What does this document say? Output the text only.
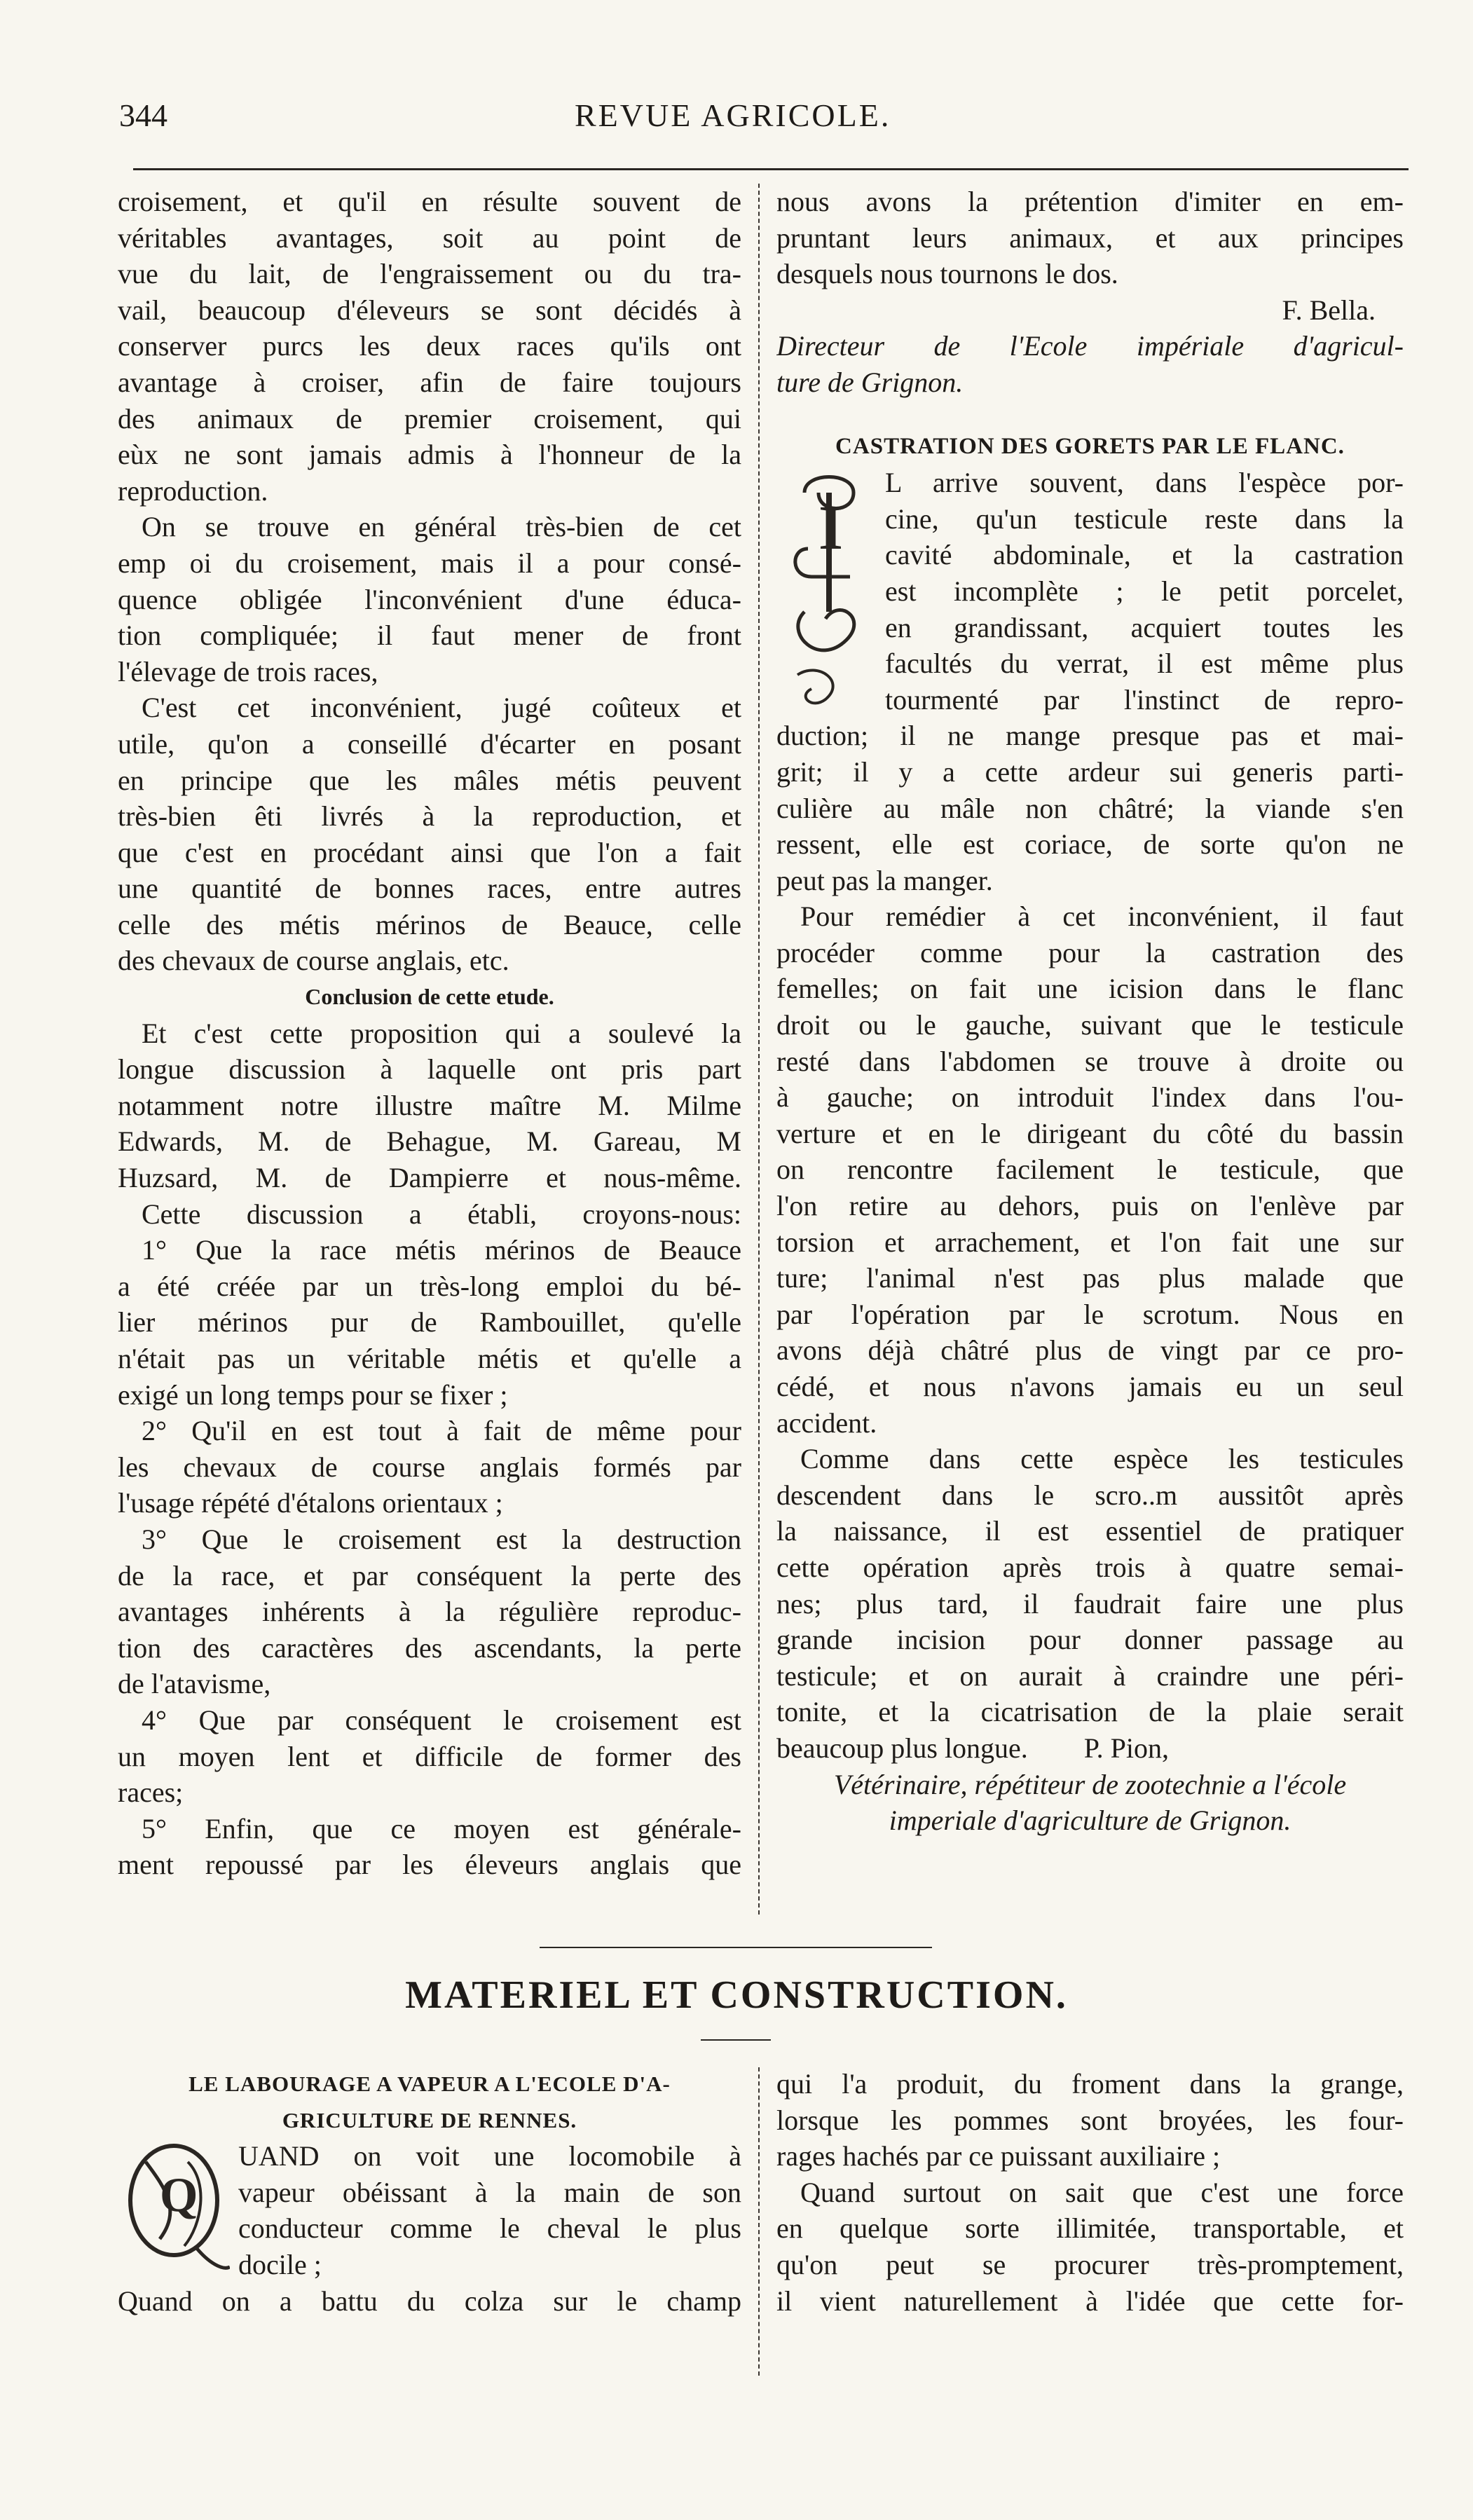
344	REVUE AGRICOLE.

croisement, et qu'il en résulte souvent de

véritables avantages, soit au point de

vue du lait, de l'engraissement ou du tra-

vail, beaucoup d'éleveurs se sont décidés à

conserver purcs les deux races qu'ils ont

avantage à croiser, afin de faire toujours

des animaux de premier croisement, qui

eùx ne sont jamais admis à l'honneur de la

reproduction.

On se trouve en général très-bien de cet

emp oi du croisement, mais il a pour consé-

quence obligée l'inconvénient d'une éduca-

tion compliquée; il faut mener de front

l'élevage de trois races,

C'est cet inconvénient, jugé coûteux et

utile, qu'on a conseillé d'écarter en posant

en principe que les mâles métis peuvent

très-bien êti livrés à la reproduction, et

que c'est en procédant ainsi que l'on a fait

une quantité de bonnes races, entre autres

celle des métis mérinos de Beauce, celle

des chevaux de course anglais, etc.

Conclusion de cette etude.

Et c'est cette proposition qui a soulevé la

longue discussion à laquelle ont pris part

notamment notre illustre maître M. Milme

Edwards, M. de Behague, M. Gareau, M

Huzsard, M. de Dampierre et nous-même.

Cette discussion a établi, croyons-nous:

1° Que la race métis mérinos de Beauce

a été créée par un très-long emploi du bé-

lier mérinos pur de Rambouillet, qu'elle

n'était pas un véritable métis et qu'elle a

exigé un long temps pour se fixer ;

2° Qu'il en est tout à fait de même pour

les chevaux de course anglais formés par

l'usage répété d'étalons orientaux ;

3° Que le croisement est la destruction

de la race, et par conséquent la perte des

avantages inhérents à la régulière reproduc-

tion des caractères des ascendants, la perte

de l'atavisme,

4° Que par conséquent le croisement est

un moyen lent et difficile de former des

races;

5° Enfin, que ce moyen est générale-

ment repoussé par les éleveurs anglais que

nous avons la prétention d'imiter en em-

pruntant leurs animaux, et aux principes

desquels nous tournons le dos.

F. Bella.

Directeur de l'Ecole impériale d'agricul-

ture de Grignon.

CASTRATION DES GORETS PAR LE FLANC.

I

L arrive souvent, dans l'espèce por-

cine, qu'un testicule reste dans la

cavité abdominale, et la castration

est incomplète ; le petit porcelet,

en grandissant, acquiert toutes les

facultés du verrat, il est même plus

tourmenté par l'instinct de repro-

duction; il ne mange presque pas et mai-

grit; il y a cette ardeur sui generis parti-

culière au mâle non châtré; la viande s'en

ressent, elle est coriace, de sorte qu'on ne

peut pas la manger.

Pour remédier à cet inconvénient, il faut

procéder comme pour la castration des

femelles; on fait une icision dans le flanc

droit ou le gauche, suivant que le testicule

resté dans l'abdomen se trouve à droite ou

à gauche; on introduit l'index dans l'ou-

verture et en le dirigeant du côté du bassin

on rencontre facilement le testicule, que

l'on retire au dehors, puis on l'enlève par

torsion et arrachement, et l'on fait une sur

ture; l'animal n'est pas plus malade que

par l'opération par le scrotum. Nous en

avons déjà châtré plus de vingt par ce pro-

cédé, et nous n'avons jamais eu un seul

accident.

Comme dans cette espèce les testicules

descendent dans le scro..m aussitôt après

la naissance, il est essentiel de pratiquer

cette opération après trois à quatre semai-

nes; plus tard, il faudrait faire une plus

grande incision pour donner passage au

testicule; et on aurait à craindre une péri-

tonite, et la cicatrisation de la plaie serait

beaucoup plus longue.        P. Pion,

Vétérinaire, répétiteur de zootechnie a l'école

imperiale d'agriculture de Grignon.

MATERIEL ET CONSTRUCTION.

LE LABOURAGE A VAPEUR A L'ECOLE D'A-

GRICULTURE DE RENNES.

Q

UAND on voit une locomobile à

vapeur obéissant à la main de son

conducteur comme le cheval le plus

docile ;

Quand on a battu du colza sur le champ

qui l'a produit, du froment dans la grange,

lorsque les pommes sont broyées, les four-

rages hachés par ce puissant auxiliaire ;

Quand surtout on sait que c'est une force

en quelque sorte illimitée, transportable, et

qu'on peut se procurer très-promptement,

il vient naturellement à l'idée que cette for-
